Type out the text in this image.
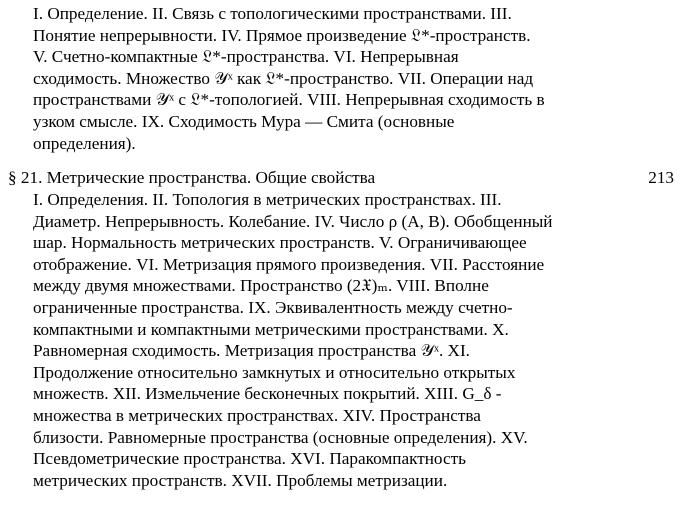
I. Определение. II. Связь с топологическими пространствами. III.
Понятие непрерывности. IV. Прямое произведение 𝔏*-пространств.
V. Счетно-компактные 𝔏*-пространства. VI. Непрерывная
сходимость. Множество 𝒴ˣ как 𝔏*-пространство. VII. Операции над
пространствами 𝒴ˣ с 𝔏*-топологией. VIII. Непрерывная сходимость в
узком смысле. IX. Сходимость Мура — Смита (основные
определения).
§ 21. Метрические пространства. Общие свойства	213
I. Определения. II. Топология в метрических пространствах. III.
Диаметр. Непрерывность. Колебание. IV. Число ρ (A, B). Обобщенный
шар. Нормальность метрических пространств. V. Ограничивающее
отображение. VI. Метризация прямого произведения. VII. Расстояние
между двумя множествами. Пространство (2𝔛)ₘ. VIII. Вполне
ограниченные пространства. IX. Эквивалентность между счетно-
компактными и компактными метрическими пространствами. X.
Равномерная сходимость. Метризация пространства 𝒴ˣ. XI.
Продолжение относительно замкнутых и относительно открытых
множеств. XII. Измельчение бесконечных покрытий. XIII. G_δ -
множества в метрических пространствах. XIV. Пространства
близости. Равномерные пространства (основные определения). XV.
Псевдометрические пространства. XVI. Паракомпактность
метрических пространств. XVII. Проблемы метризации.
